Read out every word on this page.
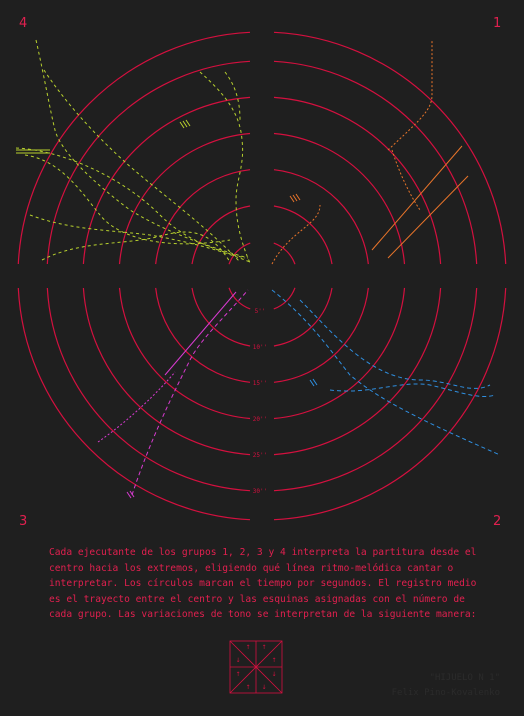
5''
10''
15''
20''
25''
30''
4	1
3	2

Cada ejecutante de los grupos 1, 2, 3 y 4 interpreta la partitura desde el centro hacia los extremos, eligiendo qué línea ritmo-melódica cantar o interpretar. Los círculos marcan el tiempo por segundos. El registro medio es el trayecto entre el centro y las esquinas asignadas con el número de cada grupo. Las variaciones de tono se interpretan de la siguiente manera:

↑ ↑
↓	↑
↑	↓
↑ ↓
"HIJUELO N 1"
Felix Pino-Kovalenko
